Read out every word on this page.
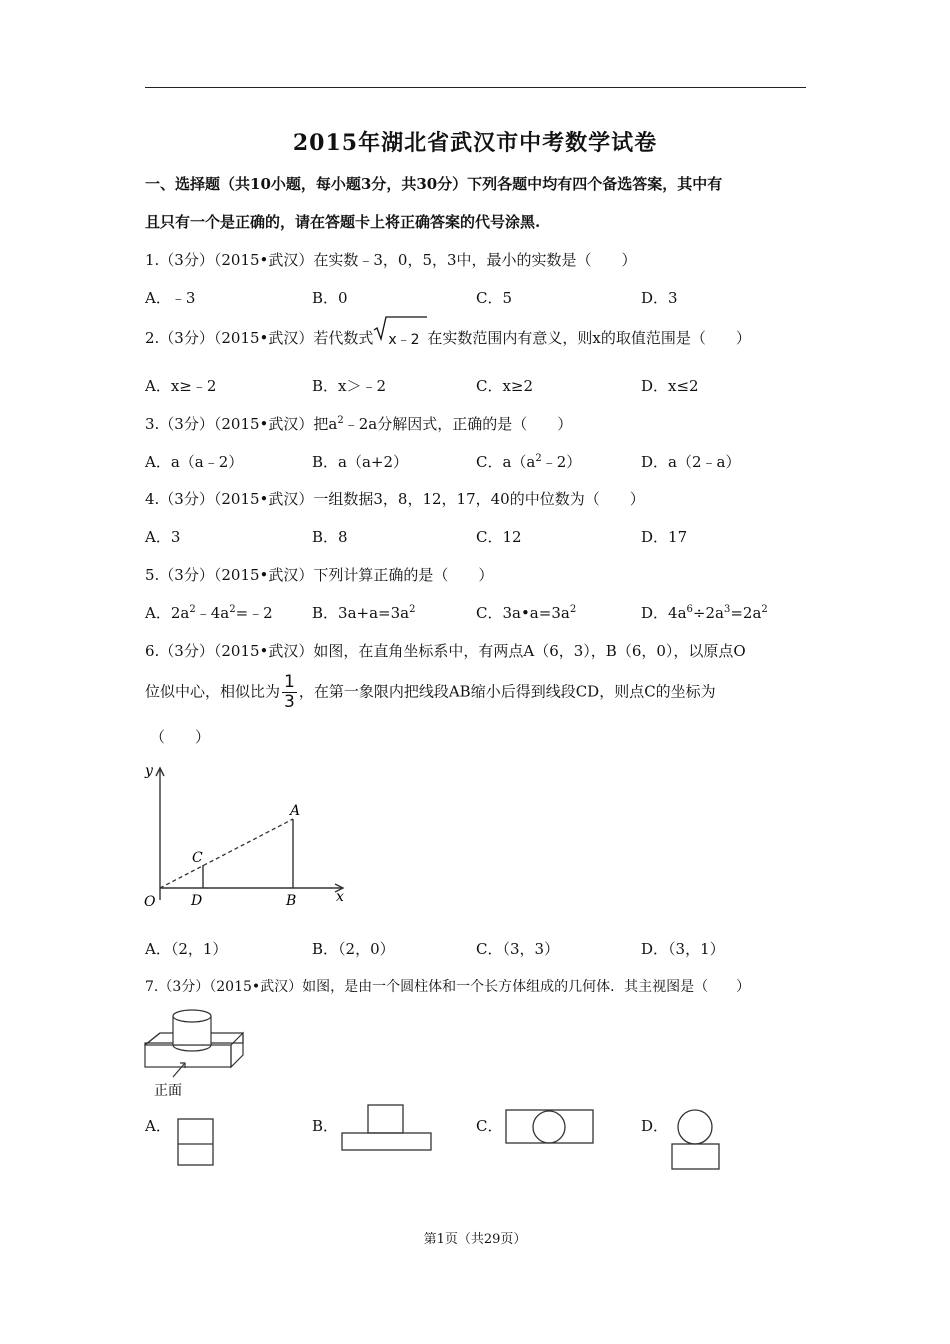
2015年湖北省武汉市中考数学试卷
一、选择题（共10小题，每小题3分，共30分）下列各题中均有四个备选答案，其中有
且只有一个是正确的，请在答题卡上将正确答案的代号涂黑.
1.（3分）（2015•武汉）在实数﹣3，0，5，3中，最小的实数是（　　）
A．﹣3	B．0	C．5	D．3
2.（3分）（2015•武汉）若代数式 x﹣2 在实数范围内有意义，则x的取值范围是（　　）
A．x≥﹣2	B．x＞﹣2	C．x≥2	D．x≤2
3.（3分）（2015•武汉）把$a^2﹣2a$分解因式，正确的是（　　）
A．a（a﹣2）	B．a（a+2）	C．$a(a^2﹣2)$	D．a（2﹣a）
4.（3分）（2015•武汉）一组数据3，8，12，17，40的中位数为（　　）
A．3	B．8	C．12	D．17
5.（3分）（2015•武汉）下列计算正确的是（　　）
A．$2a^2﹣4a^2=﹣2$	B．$3a+a=3a^2$	C．$3a•a=3a^2$	D．$4a^6\div 2a^3=2a^2$
6.（3分）（2015•武汉）如图，在直角坐标系中，有两点A（6，3），B（6，0），以原点O
位似中心，相似比为 $\frac{1}{3}$ ，在第一象限内把线段AB缩小后得到线段CD，则点C的坐标为
（　　）
y
x
O
A
B
C
D
A．（2，1）	B．（2，0）	C．（3，3）	D．（3，1）
7.（3分）（2015•武汉）如图，是由一个圆柱体和一个长方体组成的几何体．其主视图是（　　）
正面
A．	B．	C．	D．
第1页（共29页）
